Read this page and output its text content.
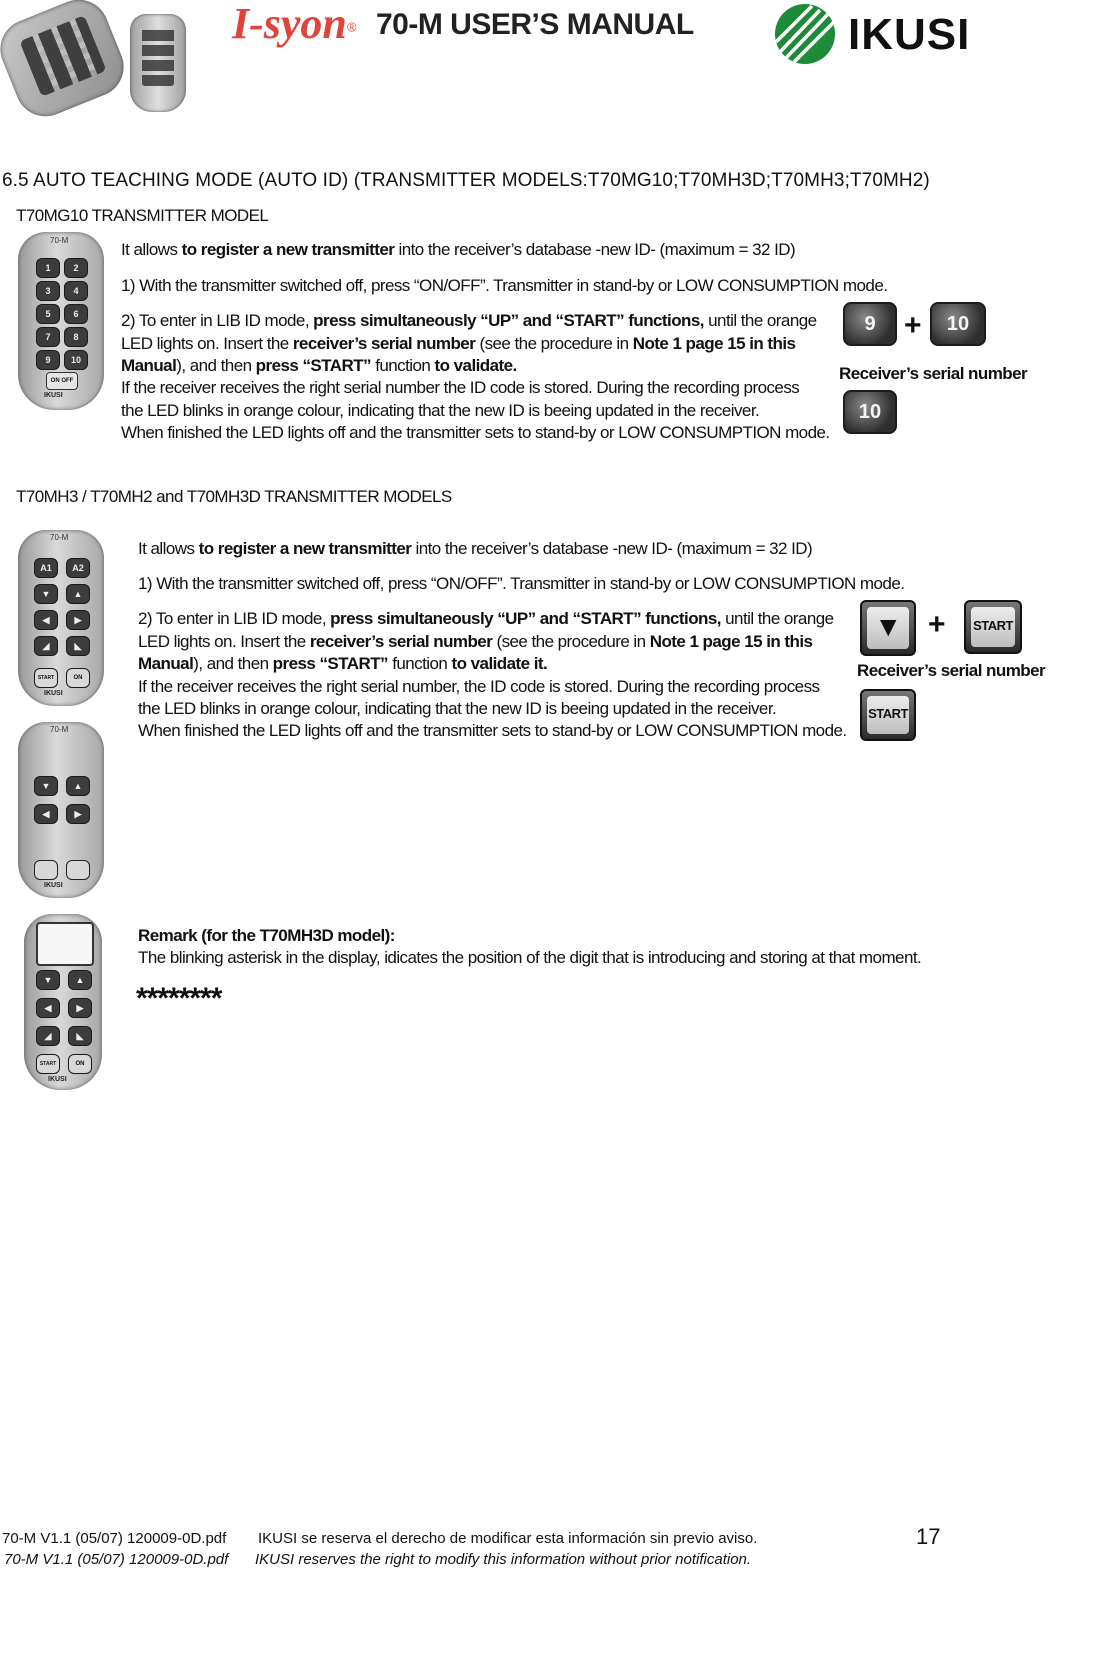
I-syon® 70-M USER’S MANUAL	IKUSI
6.5 AUTO TEACHING MODE (AUTO ID) (TRANSMITTER MODELS:T70MG10;T70MH3D;T70MH3;T70MH2)
T70MG10 TRANSMITTER MODEL
70-M
1	2
3	4
5	6
7	8
9	10
ON OFF
IKUSI
It allows to register a new transmitter into the receiver’s database -new ID- (maximum = 32 ID)
1) With the transmitter switched off, press “ON/OFF”. Transmitter in stand-by or LOW CONSUMPTION mode.
2) To enter in LIB ID mode, press simultaneously “UP” and “START” functions, until the orange
LED lights on. Insert the receiver’s serial number (see the procedure in Note 1 page 15 in this
Manual), and then press “START” function to validate.
If the receiver receives the right serial number the ID code is stored. During the recording process
the LED blinks in orange colour, indicating that the new ID is beeing updated in the receiver.
When finished the LED lights off and the transmitter sets to stand-by or LOW CONSUMPTION mode.
9 +	10
Receiver’s serial number
10
T70MH3 / T70MH2 and T70MH3D TRANSMITTER MODELS
70-M
A1	A2
▼	▲
◀	▶
◢	◣
START	ON
IKUSI
70-M
▼	▲
◀	▶
IKUSI
It allows to register a new transmitter into the receiver’s database -new ID- (maximum = 32 ID)
1) With the transmitter switched off, press “ON/OFF”. Transmitter in stand-by or LOW CONSUMPTION mode.
2) To enter in LIB ID mode, press simultaneously “UP” and “START” functions, until the orange
LED lights on. Insert the receiver’s serial number (see the procedure in Note 1 page 15 in this
Manual), and then press “START” function to validate it.
If the receiver receives the right serial number, the ID code is stored. During the recording process
the LED blinks in orange colour, indicating that the new ID is beeing updated in the receiver.
When finished the LED lights off and the transmitter sets to stand-by or LOW CONSUMPTION mode.
▼ + START
Receiver’s serial number
START
▼	▲
◀	▶
◢	◣
START	ON
IKUSI
Remark (for the T70MH3D model):
The blinking asterisk in the display, idicates the position of the digit that is introducing and storing at that moment.
********
70-M V1.1 (05/07) 120009-0D.pdf IKUSI se reserva el derecho de modificar esta información sin previo aviso.	17
70-M V1.1 (05/07) 120009-0D.pdf IKUSI reserves the right to modify this information without prior notification.
